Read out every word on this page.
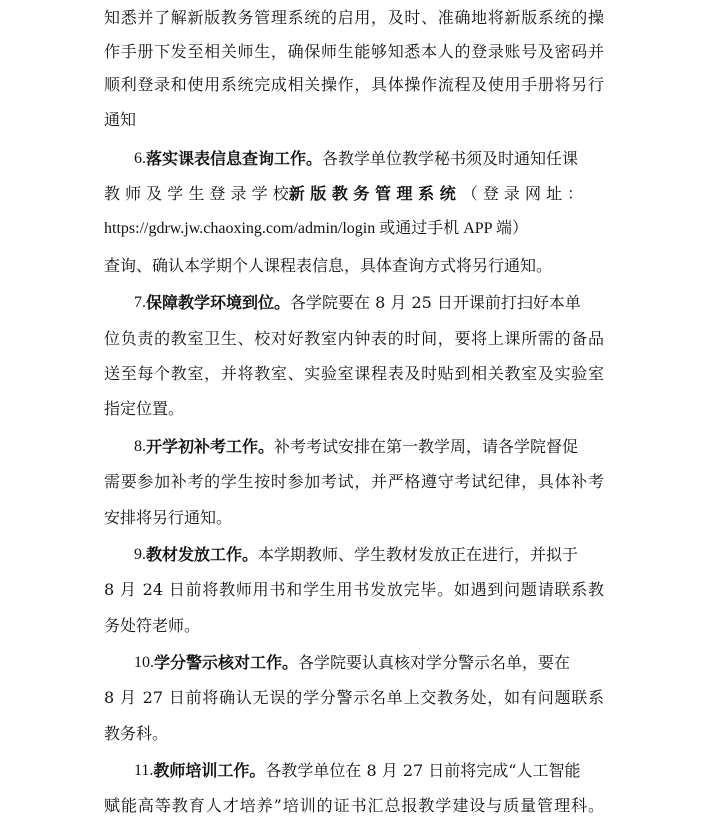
知悉并了解新版教务管理系统的启用，及时、准确地将新版系统的操
作手册下发至相关师生，确保师生能够知悉本人的登录账号及密码并
顺利登录和使用系统完成相关操作，具体操作流程及使用手册将另行
通知
6. 落实课表信息查询工作。 各教学单位教学秘书须及时通知任课
教 师 及 学 生 登 录 学 校 新 版 教 务 管 理 系 统 （ 登 录 网 址 ：
https://gdrw.jw.chaoxing.com/admin/login 或通过手机 APP 端）
查询、确认本学期个人课程表信息，具体查询方式将另行通知。
7. 保障教学环境到位。 各学院要在 8 月 25 日开课前打扫好本单
位负责的教室卫生、校对好教室内钟表的时间，要将上课所需的备品
送至每个教室，并将教室、实验室课程表及时贴到相关教室及实验室
指定位置。
8. 开学初补考工作。 补考考试安排在第一教学周，请各学院督促
需要参加补考的学生按时参加考试，并严格遵守考试纪律，具体补考
安排将另行通知。
9. 教材发放工作。 本学期教师、学生教材发放正在进行，并拟于
8 月 24 日前将教师用书和学生用书发放完毕。如遇到问题请联系教
务处符老师。
10. 学分警示核对工作。 各学院要认真核对学分警示名单，要在
8 月 27 日前将确认无误的学分警示名单上交教务处，如有问题联系
教务科。
11. 教师培训工作。 各教学单位在 8 月 27 日前将完成“人工智能
赋能高等教育人才培养”培训的证书汇总报教学建设与质量管理科。
